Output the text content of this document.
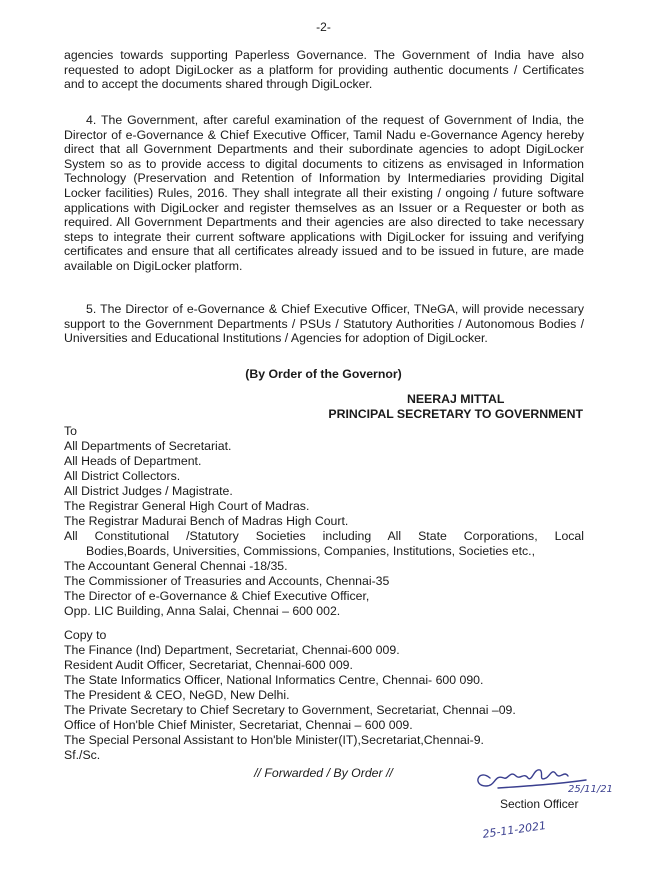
-2-

agencies towards supporting Paperless Governance. The Government of India have also requested to adopt DigiLocker as a platform for providing authentic documents / Certificates and to accept the documents shared through DigiLocker.

4. The Government, after careful examination of the request of Government of India, the Director of e-Governance & Chief Executive Officer, Tamil Nadu e-Governance Agency hereby direct that all Government Departments and their subordinate agencies to adopt DigiLocker System so as to provide access to digital documents to citizens as envisaged in Information Technology (Preservation and Retention of Information by Intermediaries providing Digital Locker facilities) Rules, 2016. They shall integrate all their existing / ongoing / future software applications with DigiLocker and register themselves as an Issuer or a Requester or both as required. All Government Departments and their agencies are also directed to take necessary steps to integrate their current software applications with DigiLocker for issuing and verifying certificates and ensure that all certificates already issued and to be issued in future, are made available on DigiLocker platform.

5. The Director of e-Governance & Chief Executive Officer, TNeGA, will provide necessary support to the Government Departments / PSUs / Statutory Authorities / Autonomous Bodies / Universities and Educational Institutions / Agencies for adoption of DigiLocker.

(By Order of the Governor)
NEERAJ MITTAL
PRINCIPAL SECRETARY TO GOVERNMENT
To
All Departments of Secretariat.
All Heads of Department.
All District Collectors.
All District Judges / Magistrate.
The Registrar General High Court of Madras.
The Registrar Madurai Bench of Madras High Court.
All Constitutional /Statutory Societies including All State Corporations, Local
Bodies,Boards, Universities, Commissions, Companies, Institutions, Societies etc.,
The Accountant General Chennai -18/35.
The Commissioner of Treasuries and Accounts, Chennai-35
The Director of e-Governance & Chief Executive Officer,
Opp. LIC Building, Anna Salai, Chennai – 600 002.
Copy to
The Finance (Ind) Department, Secretariat, Chennai-600 009.
Resident Audit Officer, Secretariat, Chennai-600 009.
The State Informatics Officer, National Informatics Centre, Chennai- 600 090.
The President & CEO, NeGD, New Delhi.
The Private Secretary to Chief Secretary to Government, Secretariat, Chennai –09.
Office of Hon'ble Chief Minister, Secretariat, Chennai – 600 009.
The Special Personal Assistant to Hon'ble Minister(IT),Secretariat,Chennai-9.
Sf./Sc.
// Forwarded / By Order //
25/11/21
Section Officer
25-11-2021
